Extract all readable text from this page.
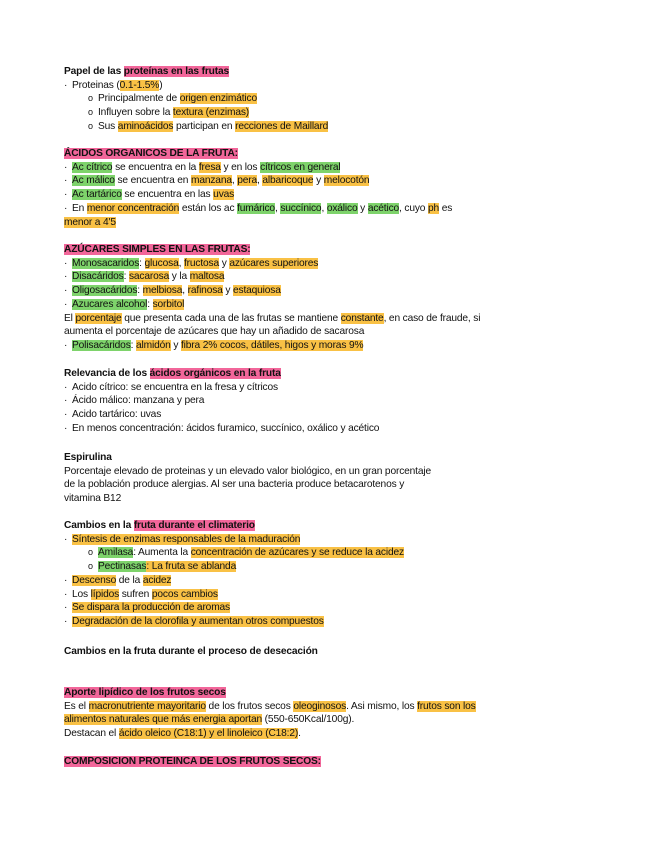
Papel de las proteínas en las frutas
· Proteinas (0.1-1.5%)
o Principalmente de origen enzimático
o Influyen sobre la textura (enzimas)
o Sus aminoácidos participan en recciones de Maillard
ÁCIDOS ORGANICOS DE LA FRUTA:
· Ac cítrico se encuentra en la fresa y en los cítricos en general
· Ac málico se encuentra en manzana, pera, albaricoque y melocotón
· Ac tartárico se encuentra en las uvas
· En menor concentración están los ac fumárico, succínico, oxálico y acético, cuyo ph es
menor a 4'5
AZÚCARES SIMPLES EN LAS FRUTAS:
· Monosacaridos: glucosa, fructosa y azúcares superiores
· Disacáridos: sacarosa y la maltosa
· Oligosacáridos: melbiosa, rafinosa y estaquiosa
· Azucares alcohol: sorbitol
El porcentaje que presenta cada una de las frutas se mantiene constante, en caso de fraude, si
aumenta el porcentaje de azúcares que hay un añadido de sacarosa
· Polisacáridos: almidón y fibra 2% cocos, dátiles, higos y moras 9%
Relevancia de los ácidos orgánicos en la fruta
· Acido cítrico: se encuentra en la fresa y cítricos
· Ácido málico: manzana y pera
· Acido tartárico: uvas
· En menos concentración: ácidos furamico, succínico, oxálico y acético
Espirulina
Porcentaje elevado de proteinas y un elevado valor biológico, en un gran porcentaje
de la población produce alergias. Al ser una bacteria produce betacarotenos y
vitamina B12
Cambios en la fruta durante el climaterio
· Síntesis de enzimas responsables de la maduración
o Amilasa: Aumenta la concentración de azúcares y se reduce la acidez
o Pectinasas: La fruta se ablanda
· Descenso de la acidez
· Los lípidos sufren pocos cambios
· Se dispara la producción de aromas
· Degradación de la clorofila y aumentan otros compuestos
Cambios en la fruta durante el proceso de desecación
Aporte lipídico de los frutos secos
Es el macronutriente mayoritario de los frutos secos oleoginosos. Asi mismo, los frutos son los
alimentos naturales que más energia aportan (550-650Kcal/100g).
Destacan el ácido oleico (C18:1) y el linoleico (C18:2).
COMPOSICION PROTEINCA DE LOS FRUTOS SECOS:
